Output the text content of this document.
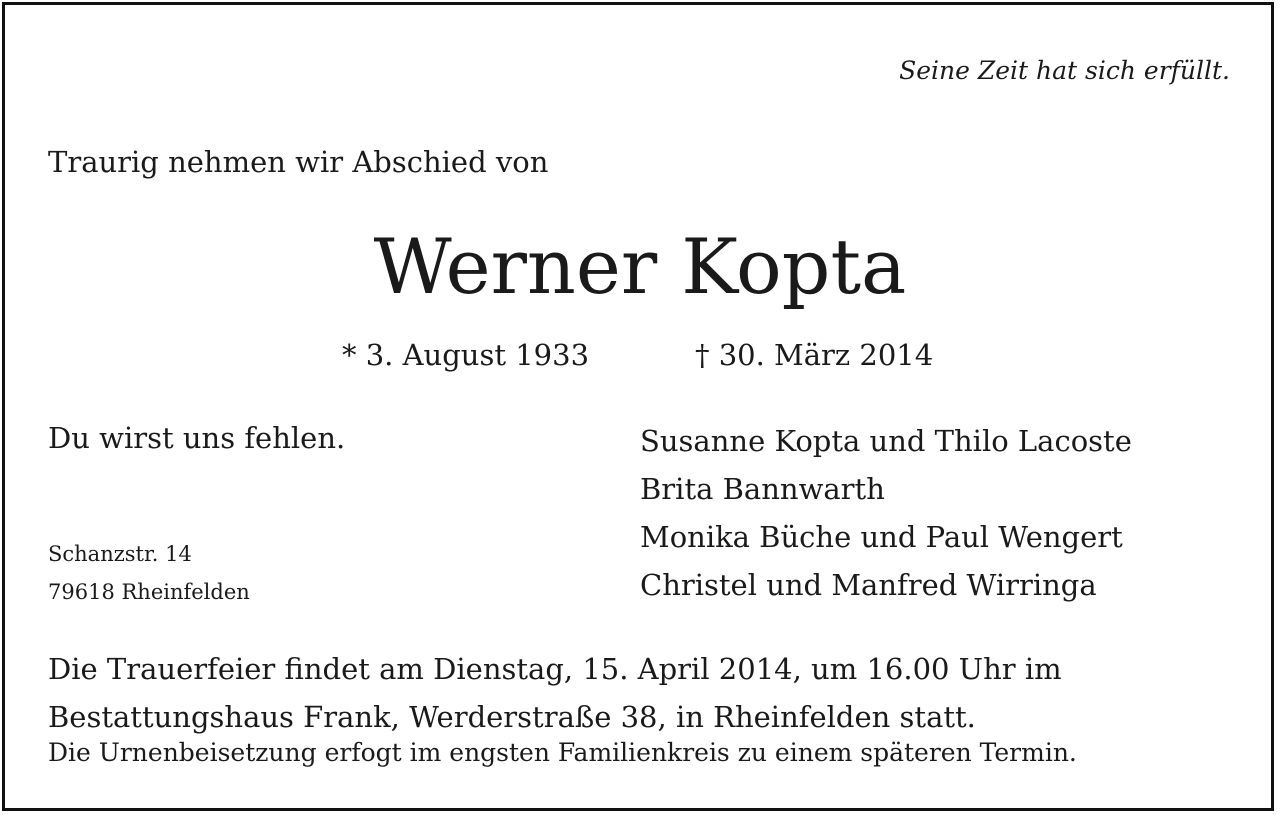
Seine Zeit hat sich erfüllt.
Traurig nehmen wir Abschied von
Werner Kopta
* 3. August 1933	† 30. März 2014
Du wirst uns fehlen.
Schanzstr. 14
79618 Rheinfelden
Susanne Kopta und Thilo Lacoste
Brita Bannwarth
Monika Büche und Paul Wengert
Christel und Manfred Wirringa
Die Trauerfeier findet am Dienstag, 15. April 2014, um 16.00 Uhr im
Bestattungshaus Frank, Werderstraße 38, in Rheinfelden statt.
Die Urnenbeisetzung erfogt im engsten Familienkreis zu einem späteren Termin.
